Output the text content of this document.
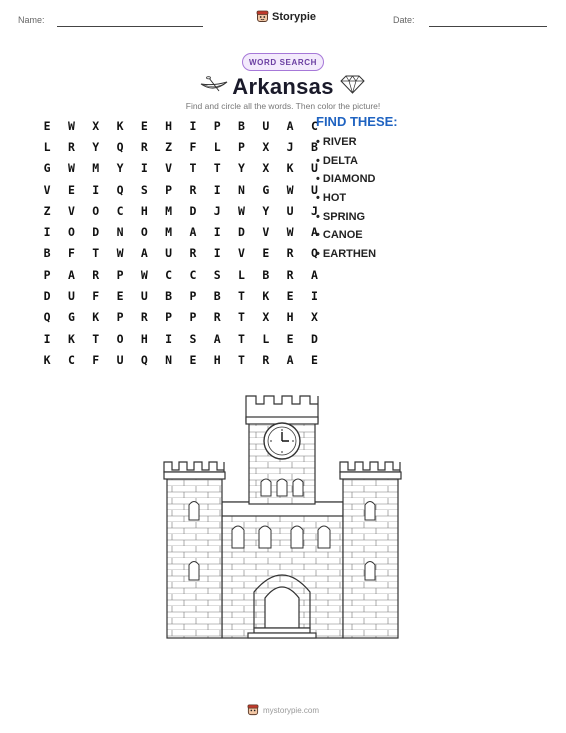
Name:	Storypie	Date:
WORD SEARCH
Arkansas
Find and circle all the words. Then color the picture!
E	W	X	K	E	H	I	P	B	U	A	C
L	R	Y	Q	R	Z	F	L	P	X	J	B
G	W	M	Y	I	V	T	T	Y	X	K	U
V	E	I	Q	S	P	R	I	N	G	W	U
Z	V	O	C	H	M	D	J	W	Y	U	J
I	O	D	N	O	M	A	I	D	V	W	A
B	F	T	W	A	U	R	I	V	E	R	Q
P	A	R	P	W	C	C	S	L	B	R	A
D	U	F	E	U	B	P	B	T	K	E	I
Q	G	K	P	R	P	P	R	T	X	H	X
I	K	T	O	H	I	S	A	T	L	E	D
K	C	F	U	Q	N	E	H	T	R	A	E
FIND THESE:
• RIVER
• DELTA
• DIAMOND
• HOT
• SPRING
• CANOE
• EARTHEN
mystorypie.com
